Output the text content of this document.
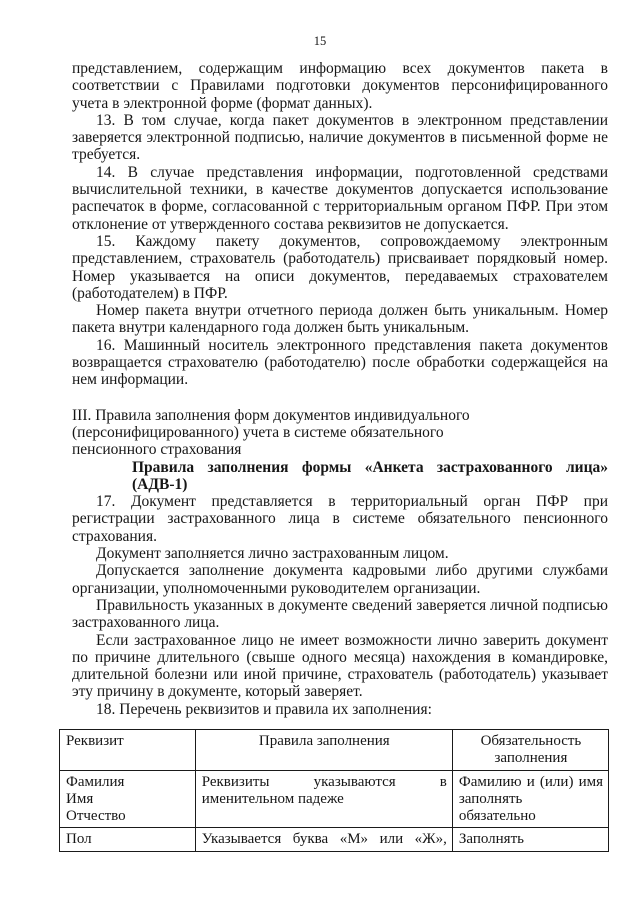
15

представлением, содержащим информацию всех документов пакета в соответствии с Правилами подготовки документов персонифицированного учета в электронной форме (формат данных).

13. В том случае, когда пакет документов в электронном представлении заверяется электронной подписью, наличие документов в письменной форме не требуется.

14. В случае представления информации, подготовленной средствами вычислительной техники, в качестве документов допускается использование распечаток в форме, согласованной с территориальным органом ПФР. При этом отклонение от утвержденного состава реквизитов не допускается.

15. Каждому пакету документов, сопровождаемому электронным представлением, страхователь (работодатель) присваивает порядковый номер. Номер указывается на описи документов, передаваемых страхователем (работодателем) в ПФР.

Номер пакета внутри отчетного периода должен быть уникальным. Номер пакета внутри календарного года должен быть уникальным.

16. Машинный носитель электронного представления пакета документов возвращается страхователю (работодателю) после обработки содержащейся на нем информации.

III. Правила заполнения форм документов индивидуального

(персонифицированного) учета в системе обязательного

пенсионного страхования

Правила заполнения формы «Анкета застрахованного лица» (АДВ-1)

17. Документ представляется в территориальный орган ПФР при регистрации застрахованного лица в системе обязательного пенсионного страхования.

Документ заполняется лично застрахованным лицом.

Допускается заполнение документа кадровыми либо другими службами организации, уполномоченными руководителем организации.

Правильность указанных в документе сведений заверяется личной подписью застрахованного лица.

Если застрахованное лицо не имеет возможности лично заверить документ по причине длительного (свыше одного месяца) нахождения в командировке, длительной болезни или иной причине, страхователь (работодатель) указывает эту причину в документе, который заверяет.

18. Перечень реквизитов и правила их заполнения:

Реквизит	Правила заполнения	Обязательность заполнения

Фамилия
Имя
Отчество	Реквизиты указываются в именительном падеже	Фамилию и (или) имя заполнять обязательно

Пол	Указывается буква «М» или «Ж»,	Заполнять
